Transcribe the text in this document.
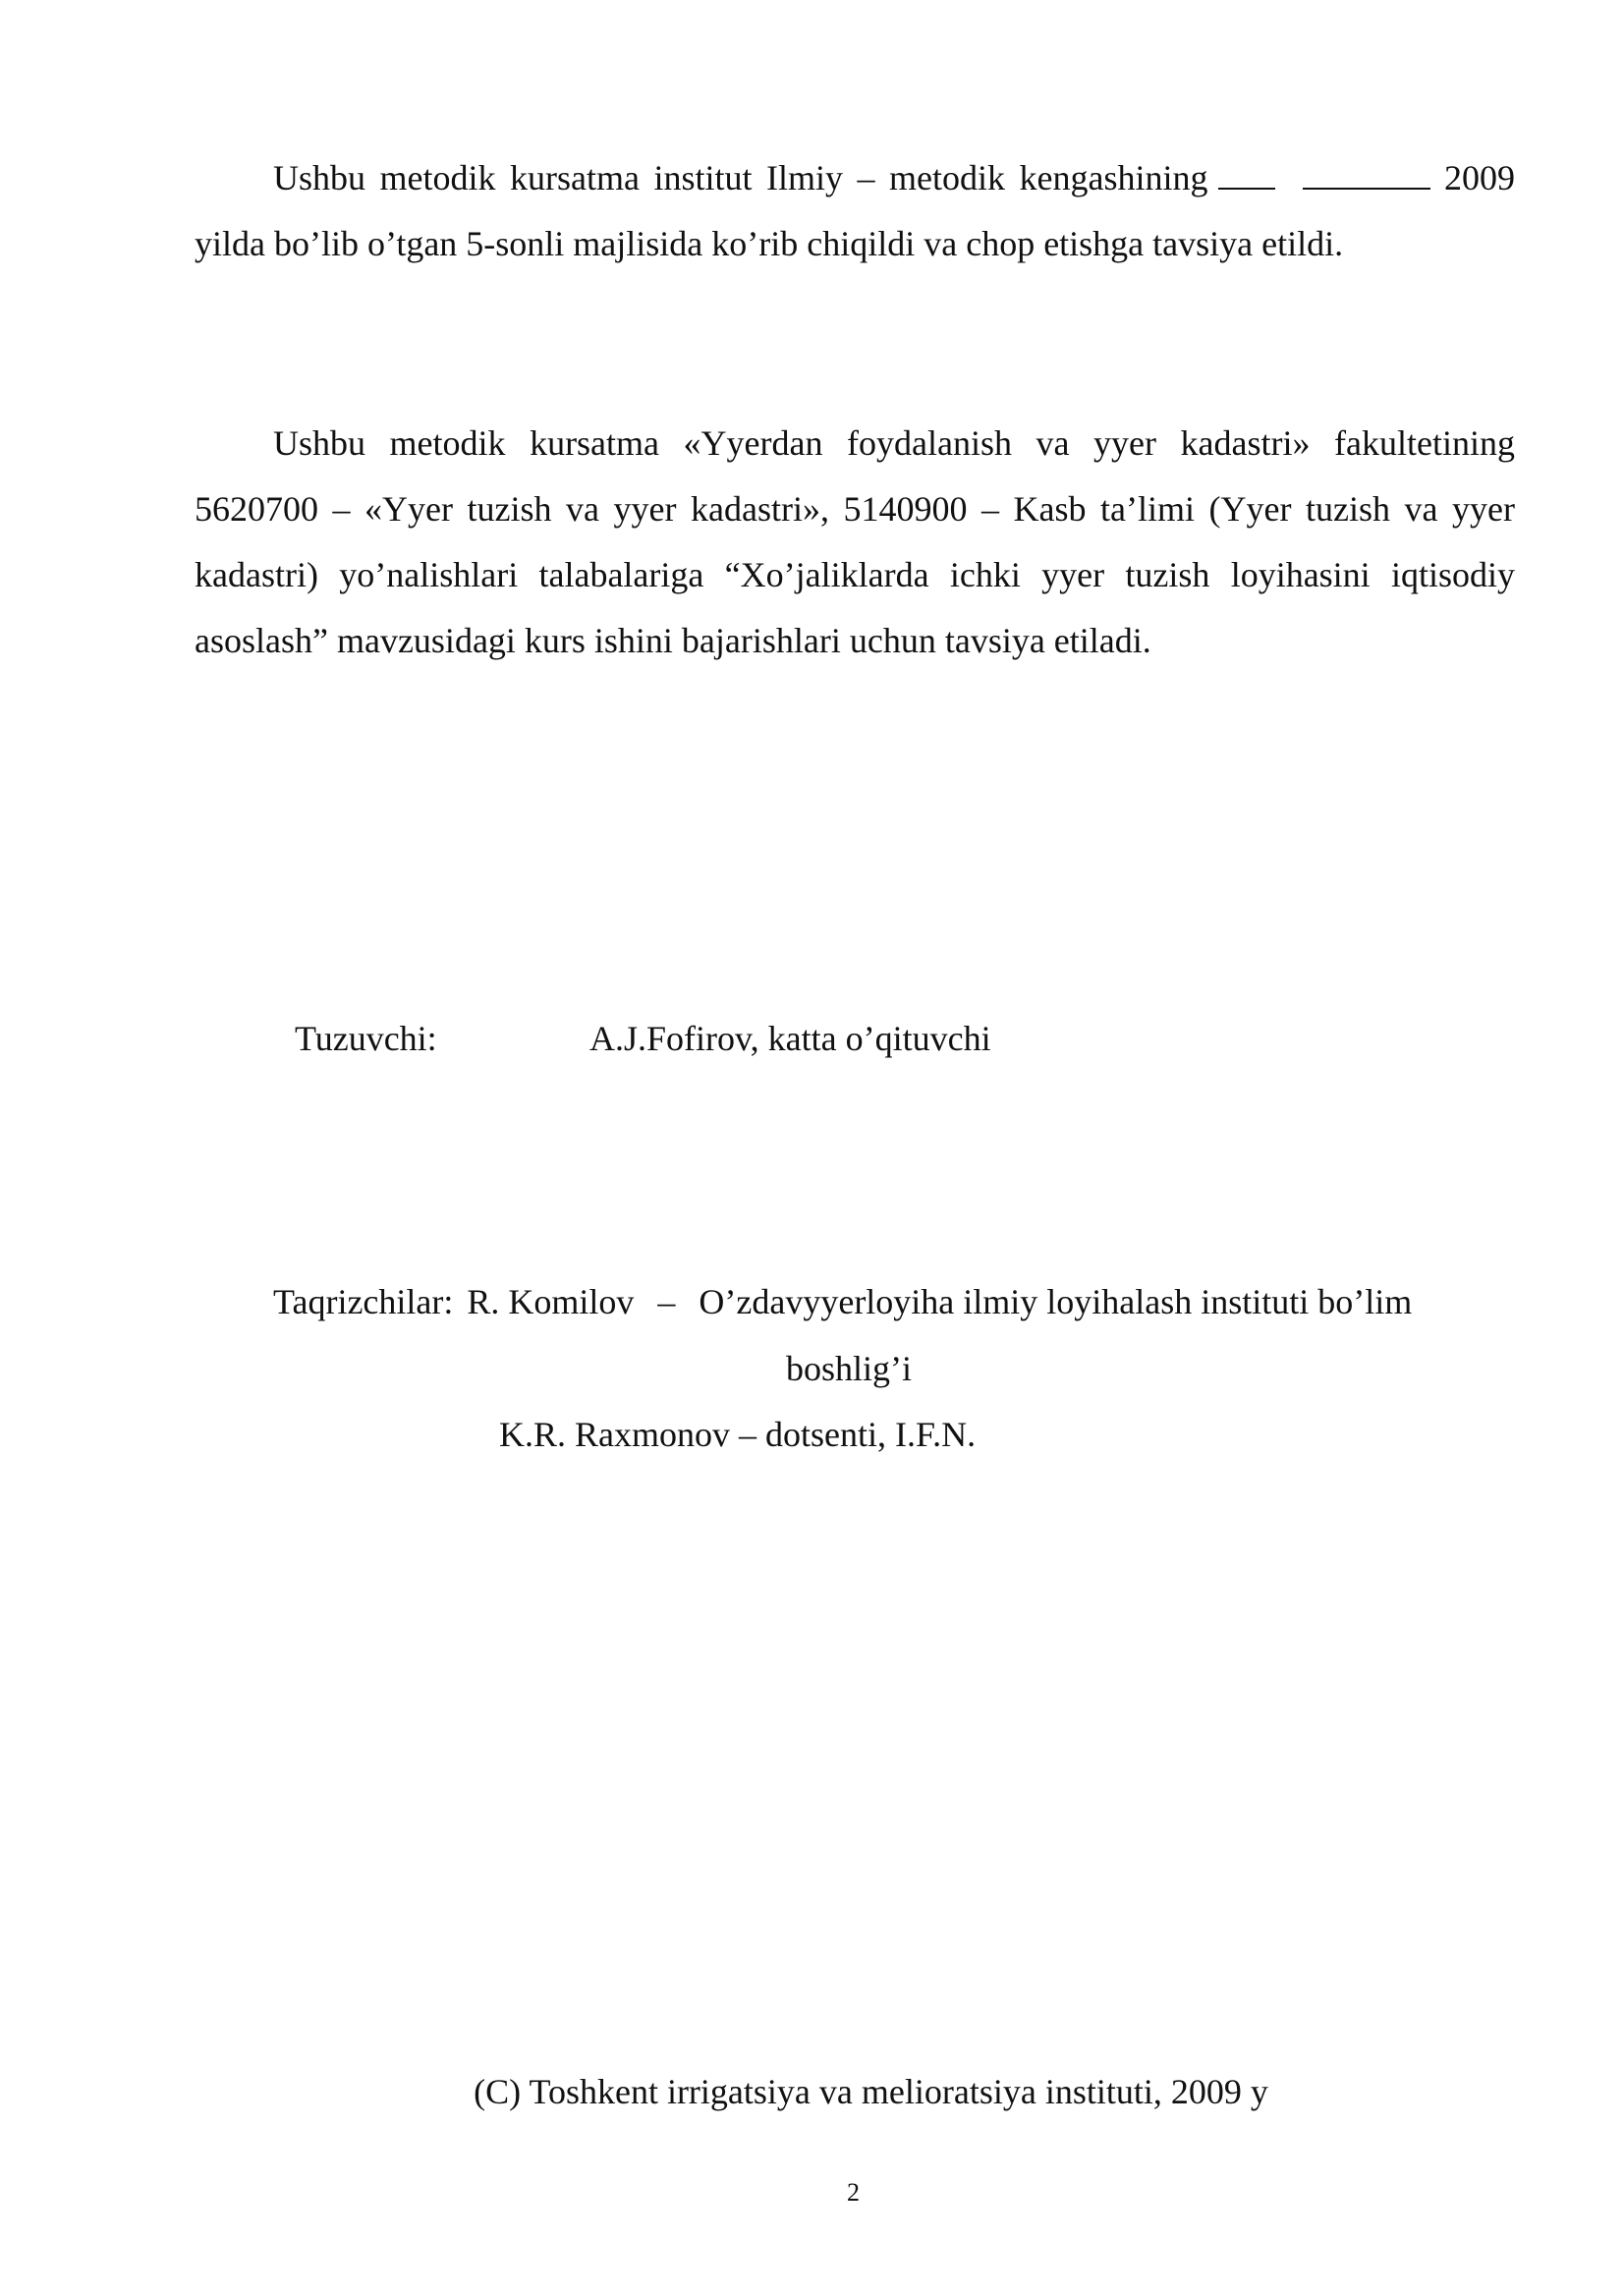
Ushbu metodik kursatma institut Ilmiy – metodik kengashining	2009 yilda bo’lib o’tgan 5-sonli majlisida ko’rib chiqildi va chop etishga tavsiya etildi.
Ushbu metodik kursatma «Yyerdan foydalanish va yyer kadastri» fakultetining 5620700 – «Yyer tuzish va yyer kadastri», 5140900 – Kasb ta’limi (Yyer tuzish va yyer kadastri) yo’nalishlari talabalariga “Xo’jaliklarda ichki yyer tuzish loyihasini iqtisodiy asoslash” mavzusidagi kurs ishini bajarishlari uchun tavsiya etiladi.
Tuzuvchi:	A.J.Fofirov, katta o’qituvchi
Taqrizchilar: R. Komilov – O’zdavyyerloyiha ilmiy loyihalash instituti bo’lim
boshlig’i
K.R. Raxmonov – dotsenti, I.F.N.
(C) Toshkent irrigatsiya va melioratsiya instituti, 2009 y
2
